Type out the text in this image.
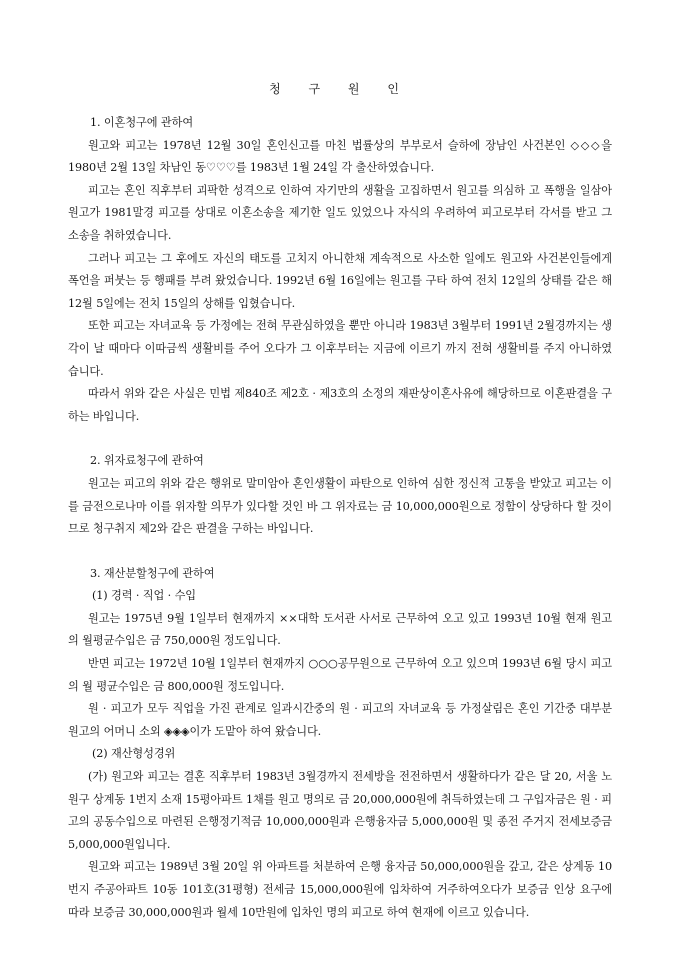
청 구 원 인

1. 이혼청구에 관하여

원고와 피고는 1978년 12월 30일 혼인신고를 마친 법률상의 부부로서 슬하에 장남인 사건본인 ◇◇◇을 1980년 2월 13일 차남인 동♡♡♡를 1983년 1월 24일 각 출산하였습니다.

피고는 혼인 직후부터 괴팍한 성격으로 인하여 자기만의 생활을 고집하면서 원고를 의심하 고 폭행을 일삼아 원고가 1981말경 피고를 상대로 이혼소송을 제기한 일도 있었으나 자식의 우려하여 피고로부터 각서를 받고 그 소송을 취하였습니다.

그러나 피고는 그 후에도 자신의 태도를 고치지 아니한채 계속적으로 사소한 일에도 원고와 사건본인들에게 폭언을 퍼붓는 등 행패를 부려 왔었습니다. 1992년 6월 16일에는 원고를 구타 하여 전치 12일의 상태를 같은 해 12월 5일에는 전치 15일의 상해를 입혔습니다.

또한 피고는 자녀교육 등 가정에는 전혀 무관심하였을 뿐만 아니라 1983년 3월부터 1991년 2월경까지는 생각이 날 때마다 이따금씩 생활비를 주어 오다가 그 이후부터는 지금에 이르기 까지 전혀 생활비를 주지 아니하였습니다.

따라서 위와 같은 사실은 민법 제840조 제2호 · 제3호의 소정의 재판상이혼사유에 해당하므로 이혼판결을 구하는 바입니다.

2. 위자료청구에 관하여

원고는 피고의 위와 같은 행위로 말미암아 혼인생활이 파탄으로 인하여 심한 정신적 고통을 받았고 피고는 이를 금전으로나마 이를 위자할 의무가 있다할 것인 바 그 위자료는 금 10,000,000원으로 정함이 상당하다 할 것이므로 청구취지 제2와 같은 판결을 구하는 바입니다.

3. 재산분할청구에 관하여

(1) 경력 · 직업 · 수입

원고는 1975년 9월 1일부터 현재까지 ××대학 도서관 사서로 근무하여 오고 있고 1993년 10월 현재 원고의 월평균수입은 금 750,000원 정도입니다.

반면 피고는 1972년 10월 1일부터 현재까지 ○○○공무원으로 근무하여 오고 있으며 1993년 6월 당시 피고의 월 평균수입은 금 800,000원 정도입니다.

원 · 피고가 모두 직업을 가진 관계로 일과시간중의 원 · 피고의 자녀교육 등 가정살림은 혼인 기간중 대부분 원고의 어머니 소외 ◈◈◈이가 도맡아 하여 왔습니다.

(2) 재산형성경위

(가) 원고와 피고는 결혼 직후부터 1983년 3월경까지 전세방을 전전하면서 생활하다가 같은 달 20, 서울 노원구 상계동 1번지 소재 15평아파트 1채를 원고 명의로 금 20,000,000원에 취득하였는데 그 구입자금은 원 · 피고의 공동수입으로 마련된 은행정기적금 10,000,000원과 은행융자금 5,000,000원 및 종전 주거지 전세보증금 5,000,000원입니다.

원고와 피고는 1989년 3월 20일 위 아파트를 처분하여 은행 융자금 50,000,000원을 갚고, 같은 상계동 10번지 주공아파트 10동 101호(31평형) 전세금 15,000,000원에 입차하여 거주하여오다가 보증금 인상 요구에 따라 보증금 30,000,000원과 월세 10만원에 입차인 명의 피고로 하여 현재에 이르고 있습니다.
